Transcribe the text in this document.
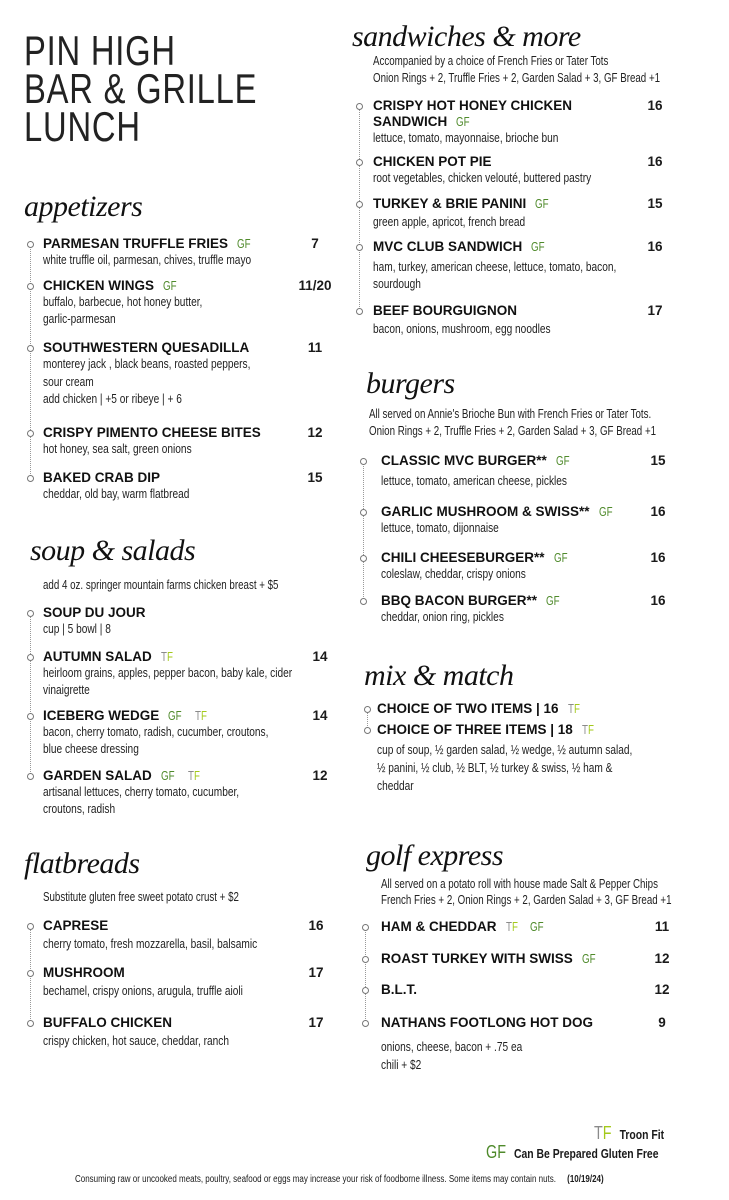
PIN HIGH
BAR & GRILLE
LUNCH
appetizers
PARMESAN TRUFFLE FRIES GF	7
white truffle oil, parmesan, chives, truffle mayo
CHICKEN WINGS GF	11/20
buffalo, barbecue, hot honey butter,
garlic-parmesan
SOUTHWESTERN QUESADILLA	11
monterey jack , black beans, roasted peppers,
sour cream
add chicken | +5 or ribeye | + 6
CRISPY PIMENTO CHEESE BITES	12
hot honey, sea salt, green onions
BAKED CRAB DIP	15
cheddar, old bay, warm flatbread
soup & salads
add 4 oz. springer mountain farms chicken breast + $5
SOUP DU JOUR
cup | 5 bowl | 8
AUTUMN SALAD TF	14
heirloom grains, apples, pepper bacon, baby kale, cider
vinaigrette
ICEBERG WEDGE GF TF	14
bacon, cherry tomato, radish, cucumber, croutons,
blue cheese dressing
GARDEN SALAD GF TF	12
artisanal lettuces, cherry tomato, cucumber,
croutons, radish
flatbreads
Substitute gluten free sweet potato crust + $2
CAPRESE	16
cherry tomato, fresh mozzarella, basil, balsamic
MUSHROOM	17
bechamel, crispy onions, arugula, truffle aioli
BUFFALO CHICKEN	17
crispy chicken, hot sauce, cheddar, ranch
sandwiches & more
Accompanied by a choice of French Fries or Tater Tots
Onion Rings + 2, Truffle Fries + 2, Garden Salad + 3, GF Bread +1
CRISPY HOT HONEY CHICKEN
SANDWICH GF
16
lettuce, tomato, mayonnaise, brioche bun
CHICKEN POT PIE	16
root vegetables, chicken velouté, buttered pastry
TURKEY & BRIE PANINI GF	15
green apple, apricot, french bread
MVC CLUB SANDWICH GF	16
ham, turkey, american cheese, lettuce, tomato, bacon,
sourdough
BEEF BOURGUIGNON	17
bacon, onions, mushroom, egg noodles
burgers
All served on Annie's Brioche Bun with French Fries or Tater Tots.
Onion Rings + 2, Truffle Fries + 2, Garden Salad + 3, GF Bread +1
CLASSIC MVC BURGER** GF	15
lettuce, tomato, american cheese, pickles
GARLIC MUSHROOM & SWISS** GF	16
lettuce, tomato, dijonnaise
CHILI CHEESEBURGER** GF	16
coleslaw, cheddar, crispy onions
BBQ BACON BURGER** GF	16
cheddar, onion ring, pickles
mix & match
CHOICE OF TWO ITEMS | 16 TF
CHOICE OF THREE ITEMS | 18 TF
cup of soup, ½ garden salad, ½ wedge, ½ autumn salad,
½ panini, ½ club, ½ BLT, ½ turkey & swiss, ½ ham &
cheddar
golf express
All served on a potato roll with house made Salt & Pepper Chips
French Fries + 2, Onion Rings + 2, Garden Salad + 3, GF Bread +1
HAM & CHEDDAR TF GF	11
ROAST TURKEY WITH SWISS GF	12
B.L.T.	12
NATHANS FOOTLONG HOT DOG	9
onions, cheese, bacon + .75 ea
chili + $2
TF Troon Fit
GF Can Be Prepared Gluten Free
Consuming raw or uncooked meats, poultry, seafood or eggs may increase your risk of foodborne illness. Some items may contain nuts. (10/19/24)
